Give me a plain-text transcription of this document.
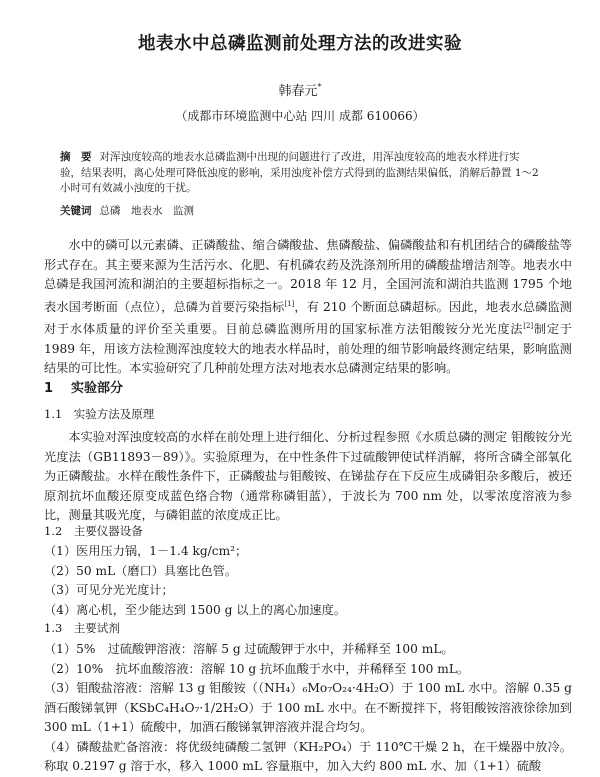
地表水中总磷监测前处理方法的改进实验
韩春元*
（成都市环境监测中心站 四川 成都 610066）
摘　要 对浑浊度较高的地表水总磷监测中出现的问题进行了改进，用浑浊度较高的地表水样进行实验，结果表明，离心处理可降低浊度的影响，采用浊度补偿方式得到的监测结果偏低，消解后静置 1～2 小时可有效减小浊度的干扰。
关键词 总磷　地表水　监测
水中的磷可以元素磷、正磷酸盐、缩合磷酸盐、焦磷酸盐、偏磷酸盐和有机团结合的磷酸盐等形式存在。其主要来源为生活污水、化肥、有机磷农药及洗涤剂所用的磷酸盐增洁剂等。地表水中总磷是我国河流和湖泊的主要超标指标之一。2018 年 12 月，全国河流和湖泊共监测 1795 个地表水国考断面（点位），总磷为首要污染指标[1]，有 210 个断面总磷超标。因此，地表水总磷监测对于水体质量的评价至关重要。目前总磷监测所用的国家标准方法钼酸铵分光光度法[2]制定于 1989 年，用该方法检测浑浊度较大的地表水样品时，前处理的细节影响最终测定结果，影响监测结果的可比性。本实验研究了几种前处理方法对地表水总磷测定结果的影响。
1 实验部分
1.1　实验方法及原理
本实验对浑浊度较高的水样在前处理上进行细化、分析过程参照《水质总磷的测定 钼酸铵分光光度法（GB11893－89）》。实验原理为，在中性条件下过硫酸钾使试样消解，将所含磷全部氧化为正磷酸盐。水样在酸性条件下，正磷酸盐与钼酸铵、在锑盐存在下反应生成磷钼杂多酸后，被还原剂抗坏血酸还原变成蓝色络合物（通常称磷钼蓝），于波长为 700 nm 处，以零浓度溶液为参比，测量其吸光度，与磷钼蓝的浓度成正比。
1.2　主要仪器设备
（1）医用压力锅，1－1.4 kg/cm²；
（2）50 mL（磨口）具塞比色管。
（3）可见分光光度计；
（4）离心机，至少能达到 1500 g 以上的离心加速度。
1.3　主要试剂
（1）5%　过硫酸钾溶液：溶解 5 g 过硫酸钾于水中，并稀释至 100 mL。
（2）10%　抗坏血酸溶液：溶解 10 g 抗坏血酸于水中，并稀释至 100 mL。
（3）钼酸盐溶液：溶解 13 g 钼酸铵（（NH₄）₆Mo₇O₂₄·4H₂O）于 100 mL 水中。溶解 0.35 g 酒石酸锑氧钾（KSbC₄H₄O₇·1/2H₂O）于 100 mL 水中。在不断搅拌下，将钼酸铵溶液徐徐加到 300 mL（1+1）硫酸中，加酒石酸锑氧钾溶液并混合均匀。
（4）磷酸盐贮备溶液：将优级纯磷酸二氢钾（KH₂PO₄）于 110℃干燥 2 h，在干燥器中放冷。称取 0.2197 g 溶于水，移入 1000 mL 容量瓶中，加入大约 800 mL 水、加（1+1）硫酸
